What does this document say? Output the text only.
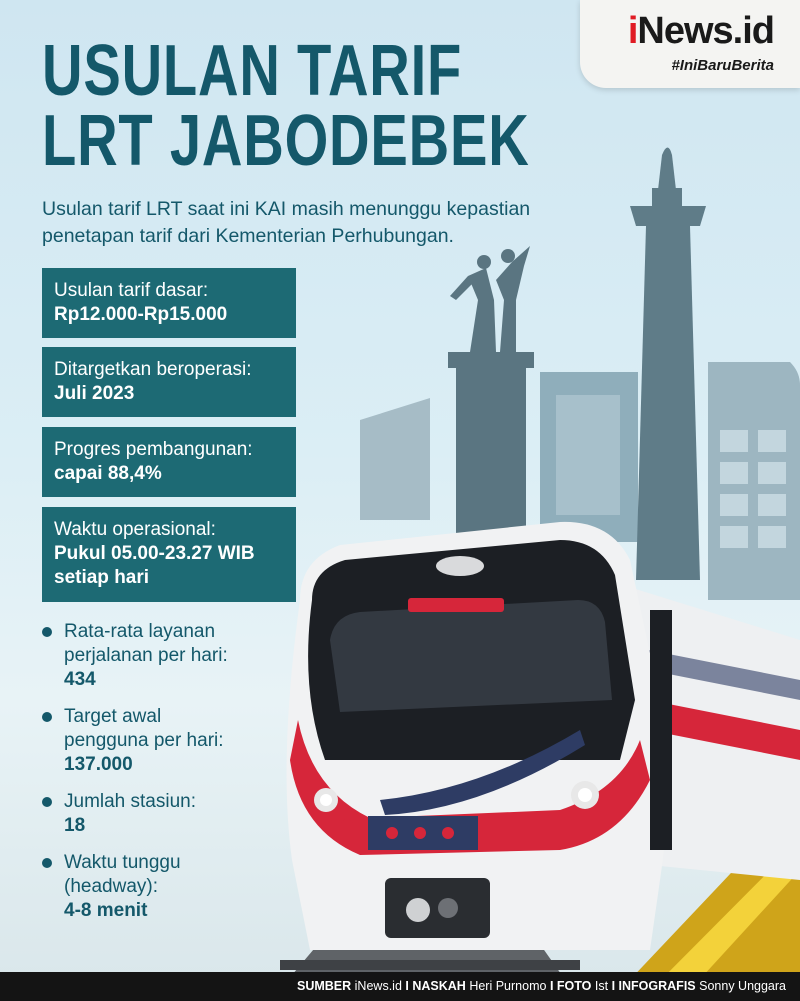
iNews.id
#IniBaruBerita
USULAN TARIF
LRT JABODEBEK

Usulan tarif LRT saat ini KAI masih menunggu kepastian penetapan tarif dari Kementerian Perhubungan.

Usulan tarif dasar:
Rp12.000-Rp15.000
Ditargetkan beroperasi:
Juli 2023
Progres pembangunan:
capai 88,4%
Waktu operasional:
Pukul 05.00-23.27 WIB
setiap hari
Rata-rata layanan
perjalanan per hari:
434
Target awal
pengguna per hari:
137.000
Jumlah stasiun:
18
Waktu tunggu
(headway):
4-8 menit
SUMBER iNews.id I NASKAH Heri Purnomo I FOTO Ist I INFOGRAFIS Sonny Unggara
